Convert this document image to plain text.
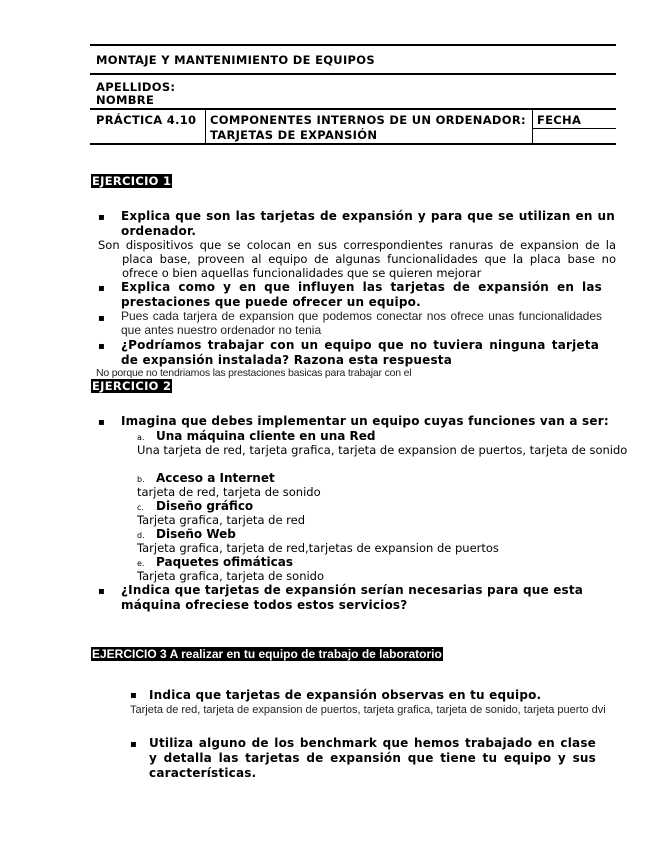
MONTAJE Y MANTENIMIENTO DE EQUIPOS
APELLIDOS:
NOMBRE
PRÁCTICA 4.10 COMPONENTES INTERNOS DE UN ORDENADOR:
TARJETAS DE EXPANSIÓN
FECHA
EJERCICIO 1
▪ Explica que son las tarjetas de expansión y para que se utilizan en un ordenador.
Son dispositivos que se colocan en sus correspondientes ranuras de expansion de la placa base, proveen al equipo de algunas funcionalidades que la placa base no ofrece o bien aquellas funcionalidades que se quieren mejorar
▪ Explica como y en que influyen las tarjetas de expansión en las prestaciones que puede ofrecer un equipo.
▪ Pues cada tarjera de expansion que podemos conectar nos ofrece unas funcionalidades que antes nuestro ordenador no tenia
▪ ¿Podríamos trabajar con un equipo que no tuviera ninguna tarjeta de expansión instalada? Razona esta respuesta
No porque no tendriamos las prestaciones basicas para trabajar con el
EJERCICIO 2
▪ Imagina que debes implementar un equipo cuyas funciones van a ser:
a. Una máquina cliente en una Red
Una tarjeta de red, tarjeta grafica, tarjeta de expansion de puertos, tarjeta de sonido
b. Acceso a Internet
tarjeta de red, tarjeta de sonido
c. Diseño gráfico
Tarjeta grafica, tarjeta de red
d. Diseño Web
Tarjeta grafica, tarjeta de red,tarjetas de expansion de puertos
e. Paquetes ofimáticas
Tarjeta grafica, tarjeta de sonido
▪ ¿Indica que tarjetas de expansión serían necesarias para que esta máquina ofreciese todos estos servicios?
EJERCICIO 3 A realizar en tu equipo de trabajo de laboratorio
▪ Indica que tarjetas de expansión observas en tu equipo.
Tarjeta de red, tarjeta de expansion de puertos, tarjeta grafica, tarjeta de sonido, tarjeta puerto dvi
▪ Utiliza alguno de los benchmark que hemos trabajado en clase y detalla las tarjetas de expansión que tiene tu equipo y sus características.
